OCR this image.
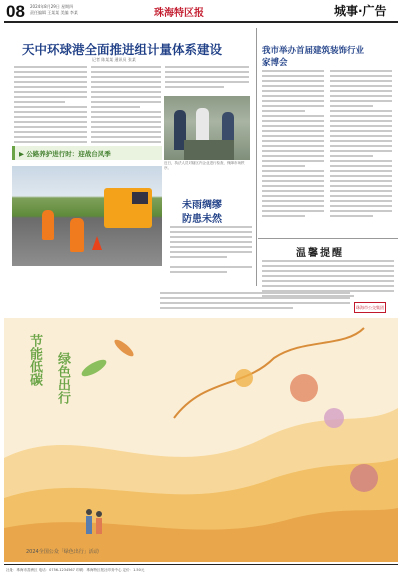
08 2024年8月29日 星期四
责任编辑 王某某 美编 李某	珠海特区报	城事·广告
天中环球港全面推进组计量体系建设
记者 陈某某 通讯员 张某
近日，执法人员对辖区内企业进行检查，保障市场秩序。
▶ 公路养护进行时：迎战台风季
未雨绸缪
防患未然
我市举办首届建筑装饰行业
家博会
温馨提醒
珠海市公交集团
节能低碳 绿色出行
2024全国公众「绿色出行」活动
社址：珠海市香洲区 电话：0756-1234567 印刷：珠海特区报社印务中心 定价：1.50元
